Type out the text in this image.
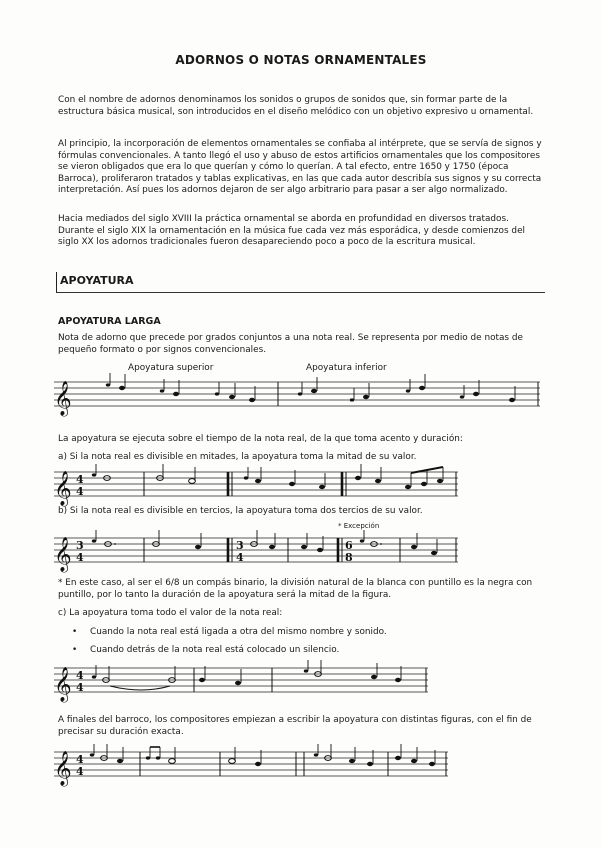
ADORNOS O NOTAS ORNAMENTALES

Con el nombre de adornos denominamos los sonidos o grupos de sonidos que, sin formar parte de la estructura básica musical, son introducidos en el diseño melódico con un objetivo expresivo u ornamental.

Al principio, la incorporación de elementos ornamentales se confiaba al intérprete, que se servía de signos y fórmulas convencionales. A tanto llegó el uso y abuso de estos artificios ornamentales que los compositores se vieron obligados que era lo que querían y cómo lo querían. A tal efecto, entre 1650 y 1750 (época Barroca), proliferaron tratados y tablas explicativas, en las que cada autor describía sus signos y su correcta interpretación. Así pues los adornos dejaron de ser algo arbitrario para pasar a ser algo normalizado.

Hacia mediados del siglo XVIII la práctica ornamental se aborda en profundidad en diversos tratados. Durante el siglo XIX la ornamentación en la música fue cada vez más esporádica, y desde comienzos del siglo XX los adornos tradicionales fueron desapareciendo poco a poco de la escritura musical.

APOYATURA
APOYATURA LARGA

Nota de adorno que precede por grados conjuntos a una nota real. Se representa por medio de notas de pequeño formato o por signos convencionales.

Apoyatura superior	Apoyatura inferior
𝄞

La apoyatura se ejecuta sobre el tiempo de la nota real, de la que toma acento y duración:

a) Si la nota real es divisible en mitades, la apoyatura toma la mitad de su valor.

𝄞 4
4

b) Si la nota real es divisible en tercios, la apoyatura toma dos tercios de su valor.

* Excepción
𝄞 3
4
3
4
6
8

* En este caso, al ser el 6/8 un compás binario, la división natural de la blanca con puntillo es la negra con puntillo, por lo tanto la duración de la apoyatura será la mitad de la figura.

c) La apoyatura toma todo el valor de la nota real:

• Cuando la nota real está ligada a otra del mismo nombre y sonido.
• Cuando detrás de la nota real está colocado un silencio.
𝄞 4
4

A finales del barroco, los compositores empiezan a escribir la apoyatura con distintas figuras, con el fin de precisar su duración exacta.

𝄞 4
4
